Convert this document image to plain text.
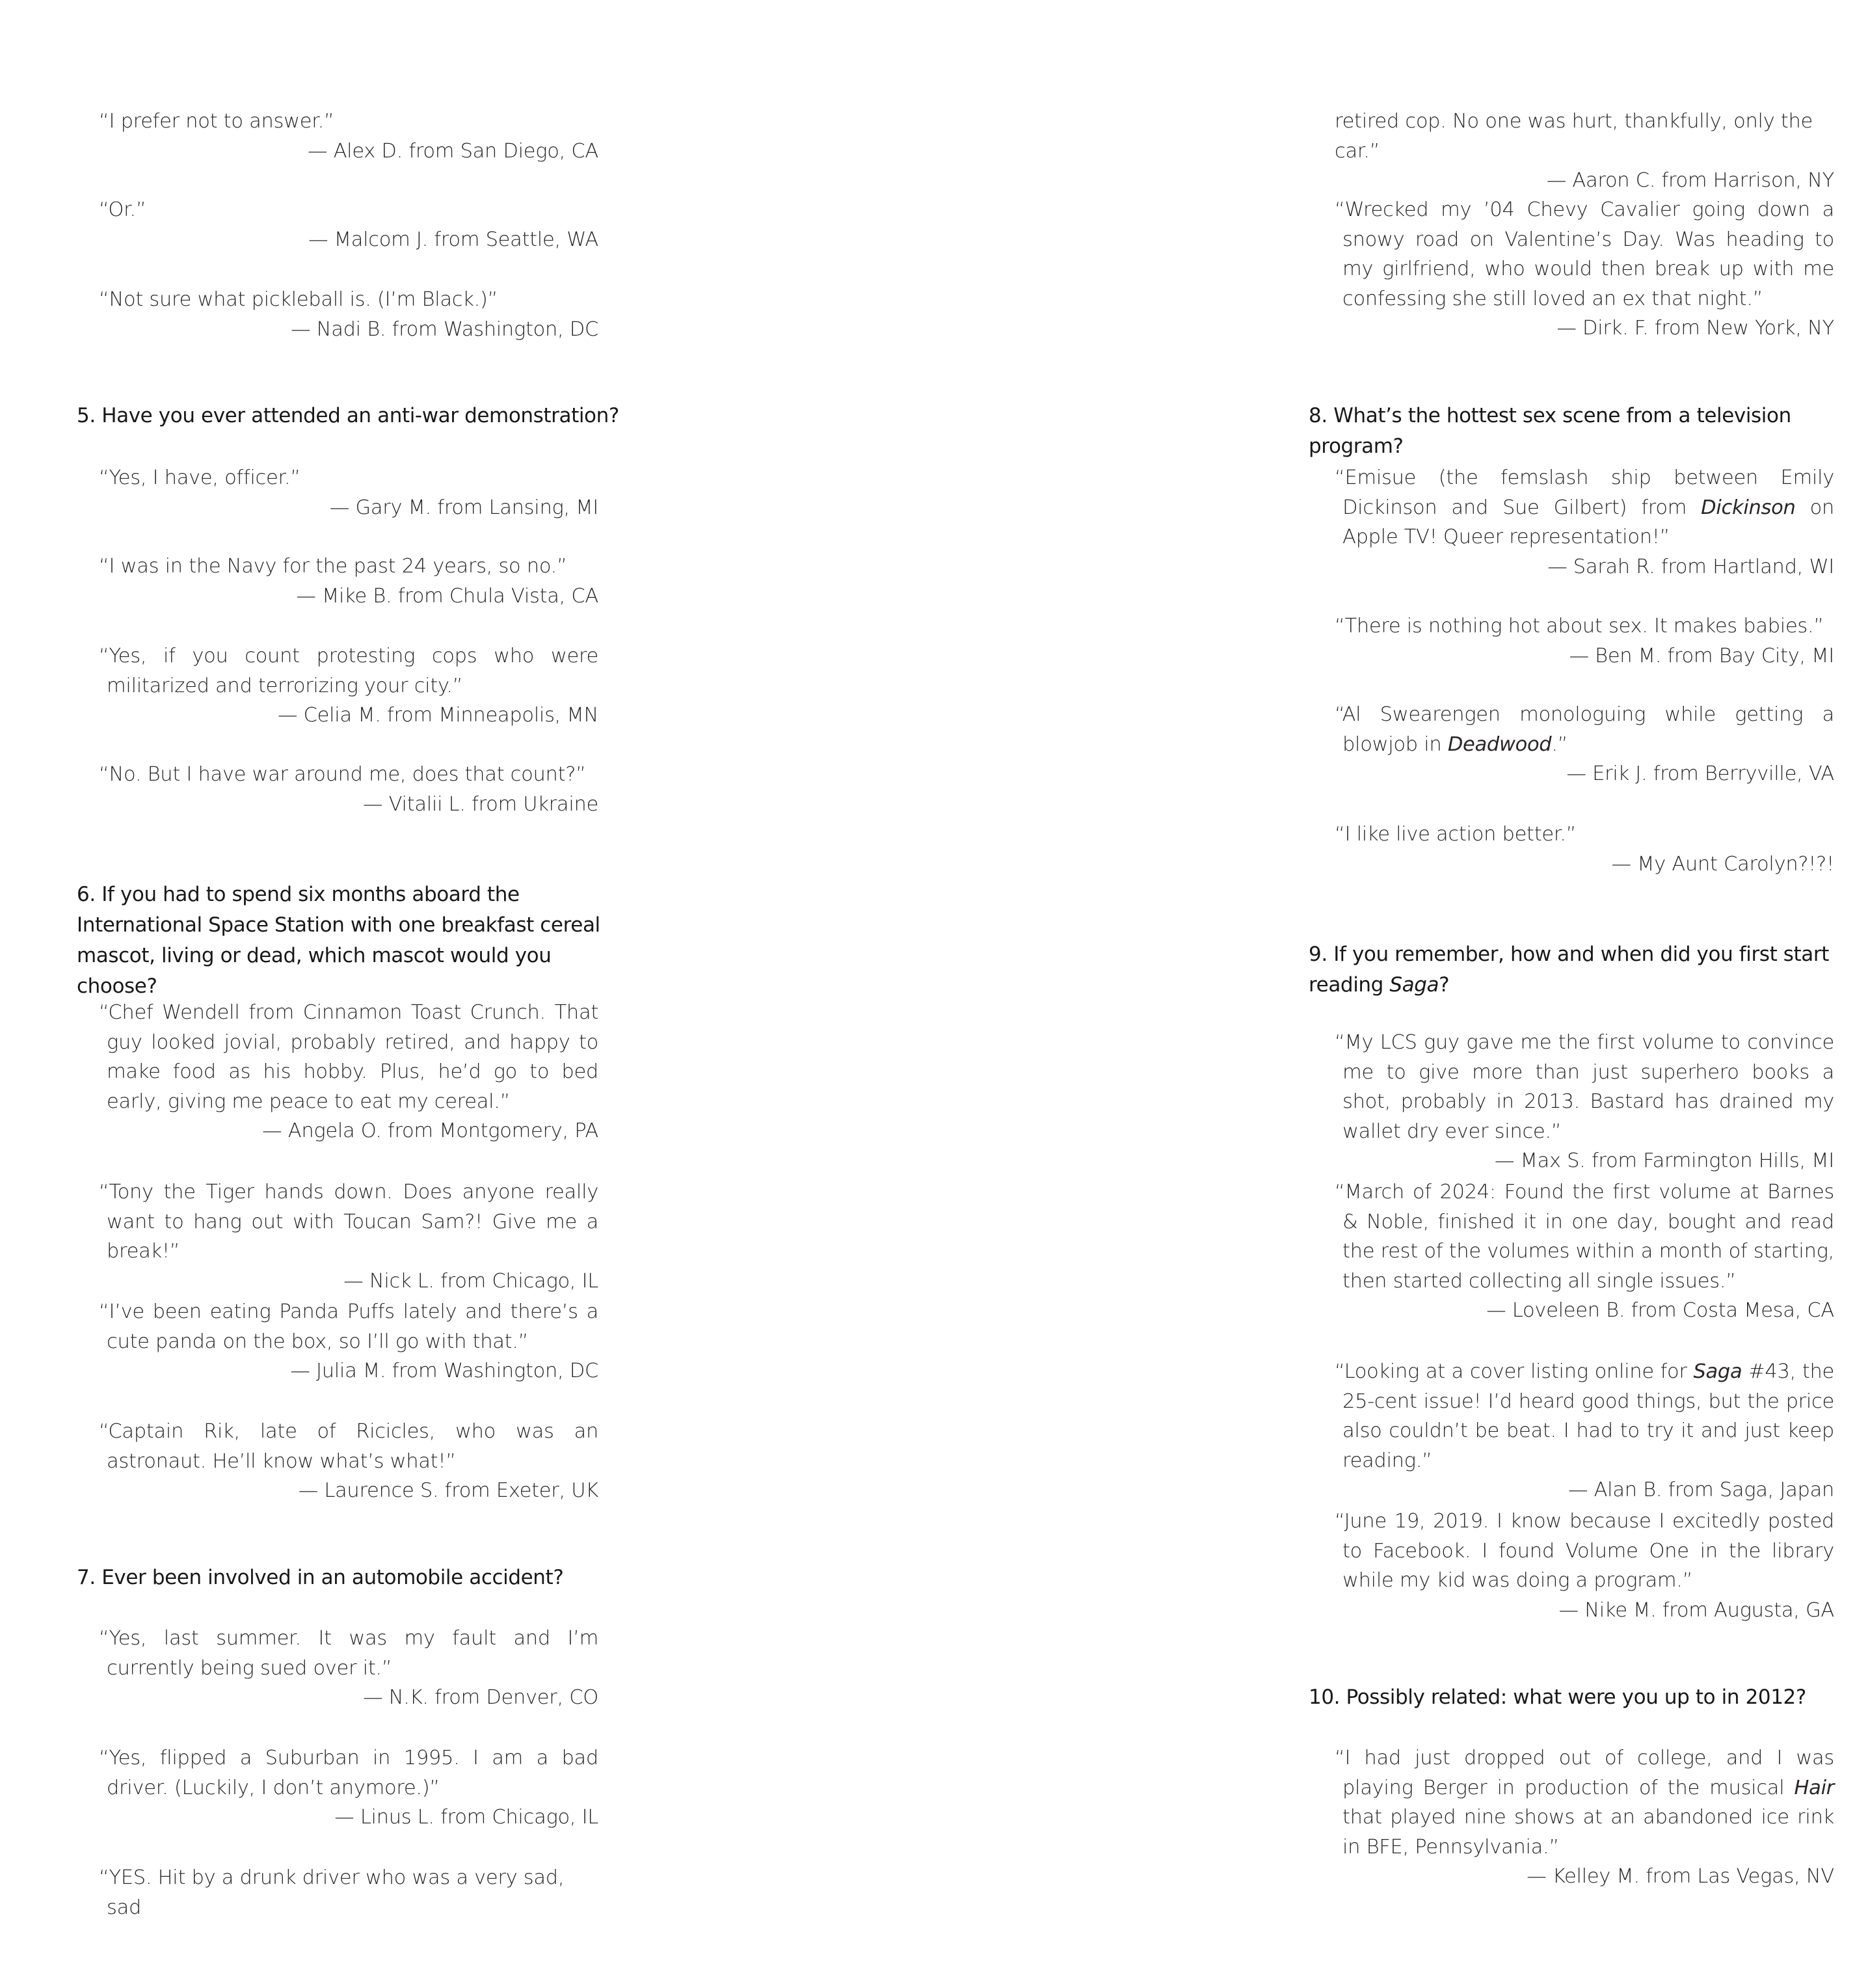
“I prefer not to answer.”

— Alex D. from San Diego, CA

“Or.”

— Malcom J. from Seattle, WA

“Not sure what pickleball is. (I’m Black.)”

— Nadi B. from Washington, DC

5. Have you ever attended an anti-war demonstration?

“Yes, I have, officer.”

— Gary M. from Lansing, MI

“I was in the Navy for the past 24 years, so no.”

— Mike B. from Chula Vista, CA

“Yes, if you count protesting cops who were militarized and terrorizing your city.”

— Celia M. from Minneapolis, MN

“No. But I have war around me, does that count?”

— Vitalii L. from Ukraine

6. If you had to spend six months aboard the International Space Station with one breakfast cereal mascot, living or dead, which mascot would you choose?

“Chef Wendell from Cinnamon Toast Crunch. That guy looked jovial, probably retired, and happy to make food as his hobby. Plus, he’d go to bed early, giving me peace to eat my cereal.”

— Angela O. from Montgomery, PA

“Tony the Tiger hands down. Does anyone really want to hang out with Toucan Sam?! Give me a break!”

— Nick L. from Chicago, IL

“I’ve been eating Panda Puffs lately and there’s a cute panda on the box, so I’ll go with that.”

— Julia M. from Washington, DC

“Captain Rik, late of Ricicles, who was an astronaut. He’ll know what’s what!”

— Laurence S. from Exeter, UK

7. Ever been involved in an automobile accident?

“Yes, last summer. It was my fault and I’m currently being sued over it.”

— N.K. from Denver, CO

“Yes, flipped a Suburban in 1995. I am a bad driver. (Luckily, I don’t anymore.)”

— Linus L. from Chicago, IL

“YES. Hit by a drunk driver who was a very sad, sad

retired cop. No one was hurt, thankfully, only the car.”

— Aaron C. from Harrison, NY

“Wrecked my ’04 Chevy Cavalier going down a snowy road on Valentine’s Day. Was heading to my girlfriend, who would then break up with me confessing she still loved an ex that night.”

— Dirk. F. from New York, NY

8. What’s the hottest sex scene from a television program?

“Emisue (the femslash ship between Emily Dickinson and Sue Gilbert) from Dickinson on Apple TV! Queer representation!”

— Sarah R. from Hartland, WI

“There is nothing hot about sex. It makes babies.”

— Ben M. from Bay City, MI

“Al Swearengen monologuing while getting a blowjob in Deadwood.”

— Erik J. from Berryville, VA

“I like live action better.”

— My Aunt Carolyn?!?!

9. If you remember, how and when did you first start reading Saga?

“My LCS guy gave me the first volume to convince me to give more than just superhero books a shot, probably in 2013. Bastard has drained my wallet dry ever since.”

— Max S. from Farmington Hills, MI

“March of 2024: Found the first volume at Barnes & Noble, finished it in one day, bought and read the rest of the volumes within a month of starting, then started collecting all single issues.”

— Loveleen B. from Costa Mesa, CA

“Looking at a cover listing online for Saga #43, the 25-cent issue! I’d heard good things, but the price also couldn’t be beat. I had to try it and just keep reading.”

— Alan B. from Saga, Japan

“June 19, 2019. I know because I excitedly posted to Facebook. I found Volume One in the library while my kid was doing a program.”

— Nike M. from Augusta, GA

10. Possibly related: what were you up to in 2012?

“I had just dropped out of college, and I was playing Berger in production of the musical Hair that played nine shows at an abandoned ice rink in BFE, Pennsylvania.”

— Kelley M. from Las Vegas, NV
